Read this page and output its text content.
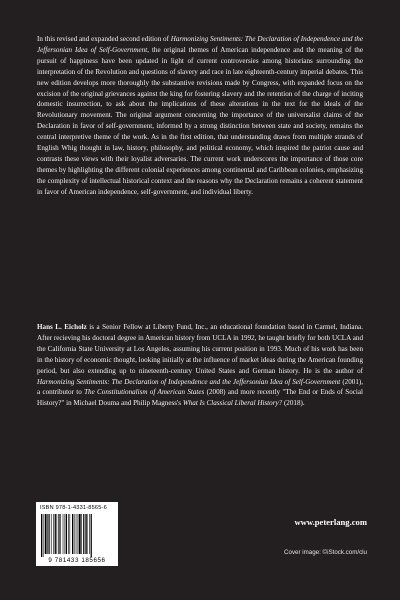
In this revised and expanded second edition of Harmonizing Sentiments: The Declaration of Independence and the Jeffersonian Idea of Self-Government, the original themes of American independence and the meaning of the pursuit of happiness have been updated in light of current controversies among historians surrounding the interpretation of the Revolution and questions of slavery and race in late eighteenth-century imperial debates. This new edition develops more thoroughly the substantive revisions made by Congress, with expanded focus on the excision of the original grievances against the king for fostering slavery and the retention of the charge of inciting domestic insurrection, to ask about the implications of these alterations in the text for the ideals of the Revolutionary movement. The original argument concerning the importance of the universalist claims of the Declaration in favor of self-government, informed by a strong distinction between state and society, remains the central interpretive theme of the work. As in the first edition, that understanding draws from multiple strands of English Whig thought in law, history, philosophy, and political economy, which inspired the patriot cause and contrasts these views with their loyalist adversaries. The current work underscores the importance of those core themes by highlighting the different colonial experiences among continental and Caribbean colonies, emphasizing the complexity of intellectual historical context and the reasons why the Declaration remains a coherent statement in favor of American independence, self-government, and individual liberty.

Hans L. Eicholz is a Senior Fellow at Liberty Fund, Inc., an educational foundation based in Carmel, Indiana. After recieving his doctoral degree in American history from UCLA in 1992, he taught briefly for both UCLA and the California State University at Los Angeles, assuming his current position in 1993. Much of his work has been in the history of economic thought, looking initially at the influence of market ideas during the American founding period, but also extending up to nineteenth-century United States and German history. He is the author of Harmonizing Sentiments: The Declaration of Independence and the Jeffersonian Idea of Self-Government (2001), a contributor to The Constitutionalism of American States (2008) and more recently "The End or Ends of Social History?" in Michael Douma and Philip Magness's What Is Classical Liberal History? (2018).

ISBN 978-1-4331-8565-6
9 781433 185656
www.peterlang.com
Cover image: ©iStock.com/clu
